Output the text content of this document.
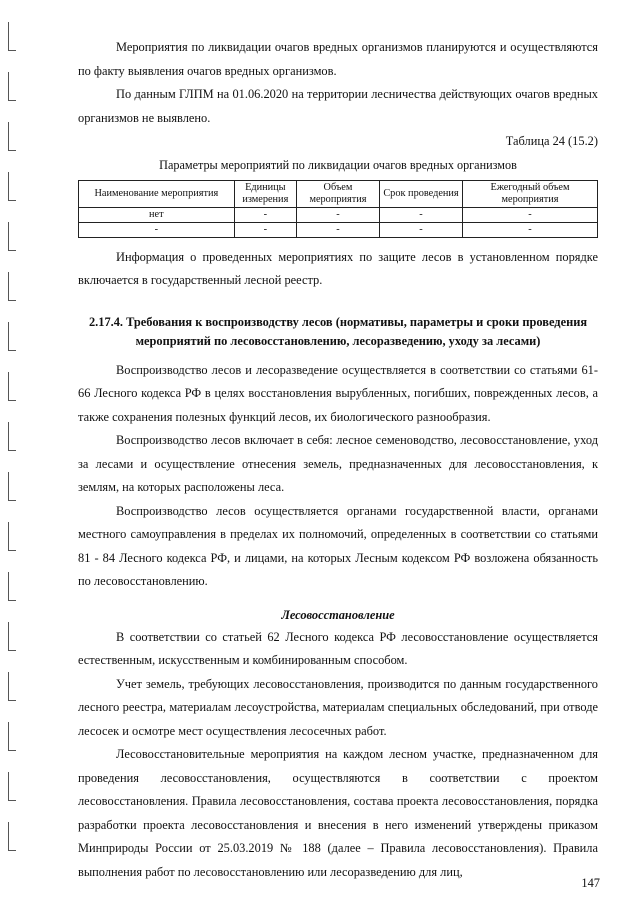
Мероприятия по ликвидации очагов вредных организмов планируются и осуществляются по факту выявления очагов вредных организмов.

По данным ГЛПМ на 01.06.2020 на территории лесничества действующих очагов вредных организмов не выявлено.

Таблица 24 (15.2)

Параметры мероприятий по ликвидации очагов вредных организмов
Наименование мероприятия	Единицы измерения	Объем мероприятия	Срок проведения	Ежегодный объем мероприятия
нет	-	-	-	-
-	-	-	-	-

Информация о проведенных мероприятиях по защите лесов в установленном порядке включается в государственный лесной реестр.

2.17.4. Требования к воспроизводству лесов (нормативы, параметры и сроки проведения мероприятий по лесовосстановлению, лесоразведению, уходу за лесами)

Воспроизводство лесов и лесоразведение осуществляется в соответствии со статьями 61-66 Лесного кодекса РФ в целях восстановления вырубленных, погибших, поврежденных лесов, а также сохранения полезных функций лесов, их биологического разнообразия.

Воспроизводство лесов включает в себя: лесное семеноводство, лесовосстановление, уход за лесами и осуществление отнесения земель, предназначенных для лесовосстановления, к землям, на которых расположены леса.

Воспроизводство лесов осуществляется органами государственной власти, органами местного самоуправления в пределах их полномочий, определенных в соответствии со статьями 81 - 84 Лесного кодекса РФ, и лицами, на которых Лесным кодексом РФ возложена обязанность по лесовосстановлению.

Лесовосстановление

В соответствии со статьей 62 Лесного кодекса РФ лесовосстановление осуществляется естественным, искусственным и комбинированным способом.

Учет земель, требующих лесовосстановления, производится по данным государственного лесного реестра, материалам лесоустройства, материалам специальных обследований, при отводе лесосек и осмотре мест осуществления лесосечных работ.

Лесовосстановительные мероприятия на каждом лесном участке, предназначенном для проведения лесовосстановления, осуществляются в соответствии с проектом лесовосстановления. Правила лесовосстановления, состава проекта лесовосстановления, порядка разработки проекта лесовосстановления и внесения в него изменений утверждены приказом Минприроды России от 25.03.2019 № 188 (далее – Правила лесовосстановления). Правила выполнения работ по лесовосстановлению или лесоразведению для лиц,

147
